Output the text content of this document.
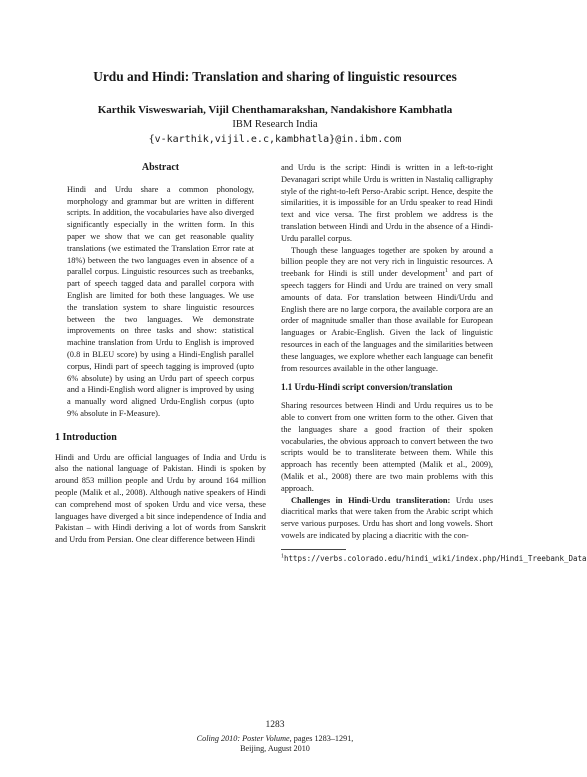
Urdu and Hindi: Translation and sharing of linguistic resources
Karthik Visweswariah, Vijil Chenthamarakshan, Nandakishore Kambhatla
IBM Research India
{v-karthik,vijil.e.c,kambhatla}@in.ibm.com
Abstract

Hindi and Urdu share a common phonology, morphology and grammar but are written in different scripts. In addition, the vocabularies have also diverged significantly especially in the written form. In this paper we show that we can get reasonable quality translations (we estimated the Translation Error rate at 18%) between the two languages even in absence of a parallel corpus. Linguistic resources such as treebanks, part of speech tagged data and parallel corpora with English are limited for both these languages. We use the translation system to share linguistic resources between the two languages. We demonstrate improvements on three tasks and show: statistical machine translation from Urdu to English is improved (0.8 in BLEU score) by using a Hindi-English parallel corpus, Hindi part of speech tagging is improved (upto 6% absolute) by using an Urdu part of speech corpus and a Hindi-English word aligner is improved by using a manually word aligned Urdu-English corpus (upto 9% absolute in F-Measure).

1 Introduction

Hindi and Urdu are official languages of India and Urdu is also the national language of Pakistan. Hindi is spoken by around 853 million people and Urdu by around 164 million people (Malik et al., 2008). Although native speakers of Hindi can comprehend most of spoken Urdu and vice versa, these languages have diverged a bit since independence of India and Pakistan – with Hindi deriving a lot of words from Sanskrit and Urdu from Persian. One clear difference between Hindi

and Urdu is the script: Hindi is written in a left-to-right Devanagari script while Urdu is written in Nastaliq calligraphy style of the right-to-left Perso-Arabic script. Hence, despite the similarities, it is impossible for an Urdu speaker to read Hindi text and vice versa. The first problem we address is the translation between Hindi and Urdu in the absence of a Hindi-Urdu parallel corpus.

Though these languages together are spoken by around a billion people they are not very rich in linguistic resources. A treebank for Hindi is still under development$^1$ and part of speech taggers for Hindi and Urdu are trained on very small amounts of data. For translation between Hindi/Urdu and English there are no large corpora, the available corpora are an order of magnitude smaller than those available for European languages or Arabic-English. Given the lack of linguistic resources in each of the languages and the similarities between these languages, we explore whether each language can benefit from resources available in the other language.

1.1 Urdu-Hindi script conversion/translation

Sharing resources between Hindi and Urdu requires us to be able to convert from one written form to the other. Given that the languages share a good fraction of their spoken vocabularies, the obvious approach to convert between the two scripts would be to transliterate between them. While this approach has recently been attempted (Malik et al., 2009), (Malik et al., 2008) there are two main problems with this approach.

Challenges in Hindi-Urdu transliteration: Urdu uses diacritical marks that were taken from the Arabic script which serve various purposes. Urdu has short and long vowels. Short vowels are indicated by placing a diacritic with the con-

$^1$https://verbs.colorado.edu/hindi_wiki/index.php/Hindi_Treebank_Data
1283
Coling 2010: Poster Volume, pages 1283–1291,
Beijing, August 2010
